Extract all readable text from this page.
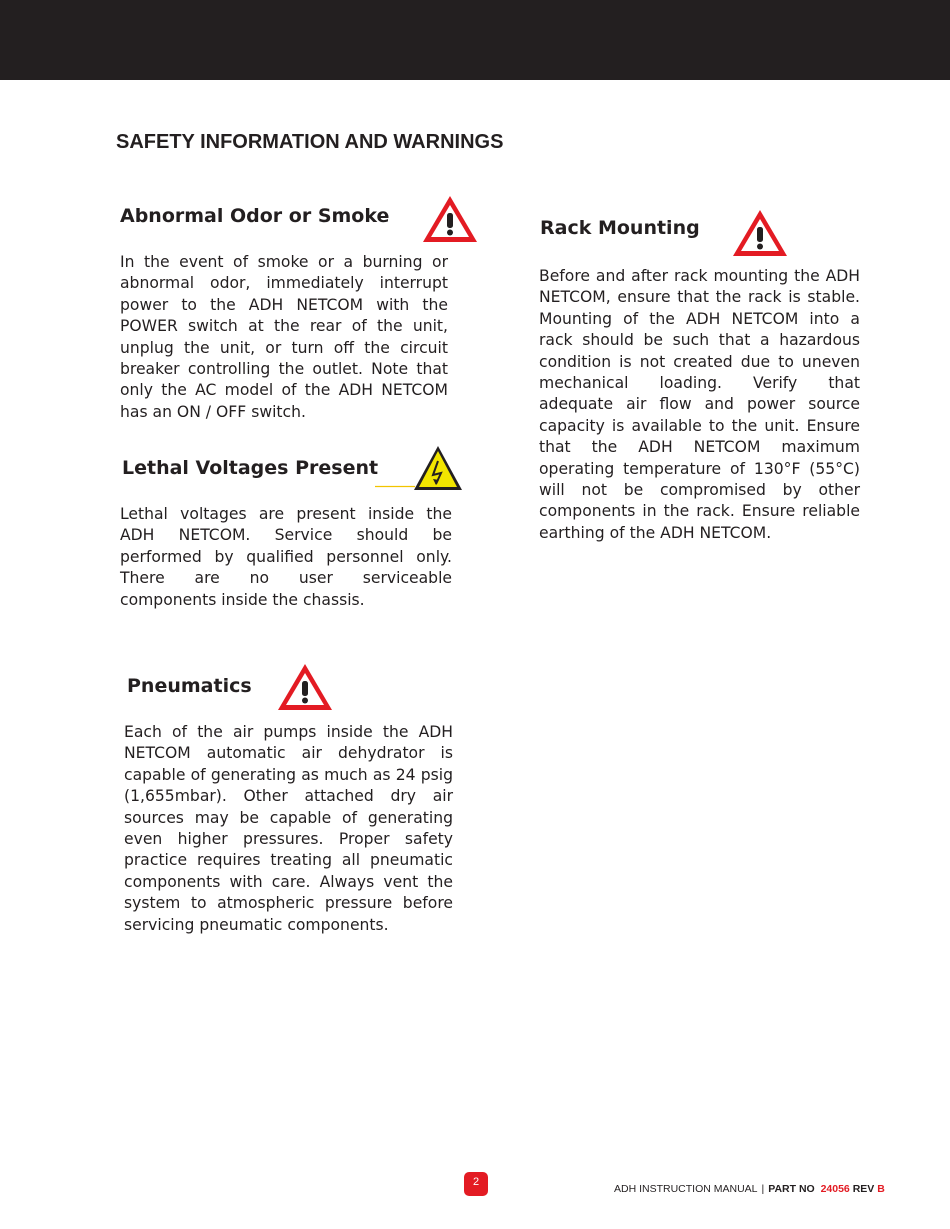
SAFETY INFORMATION AND WARNINGS
Abnormal Odor or Smoke

In the event of smoke or a burning or abnormal odor, immediately interrupt power to the ADH NETCOM with the POWER switch at the rear of the unit, unplug the unit, or turn off the circuit breaker controlling the outlet. Note that only the AC model of the ADH NETCOM has an ON / OFF switch.

Lethal Voltages Present

Lethal voltages are present inside the ADH NETCOM. Service should be performed by qualified personnel only. There are no user serviceable components inside the chassis.

Pneumatics

Each of the air pumps inside the ADH NETCOM automatic air dehydrator is capable of generating as much as 24 psig (1,655mbar). Other attached dry air sources may be capable of generating even higher pressures. Proper safety practice requires treating all pneumatic components with care. Always vent the system to atmospheric pressure before servicing pneumatic components.

Rack Mounting

Before and after rack mounting the ADH NETCOM, ensure that the rack is stable. Mounting of the ADH NETCOM into a rack should be such that a hazardous condition is not created due to uneven mechanical loading. Verify that adequate air flow and power source capacity is available to the unit. Ensure that the ADH NETCOM maximum operating temperature of 130°F (55°C) will not be compromised by other components in the rack. Ensure reliable earthing of the ADH NETCOM.

2
ADH INSTRUCTION MANUAL | PART NO 24056 REV B
